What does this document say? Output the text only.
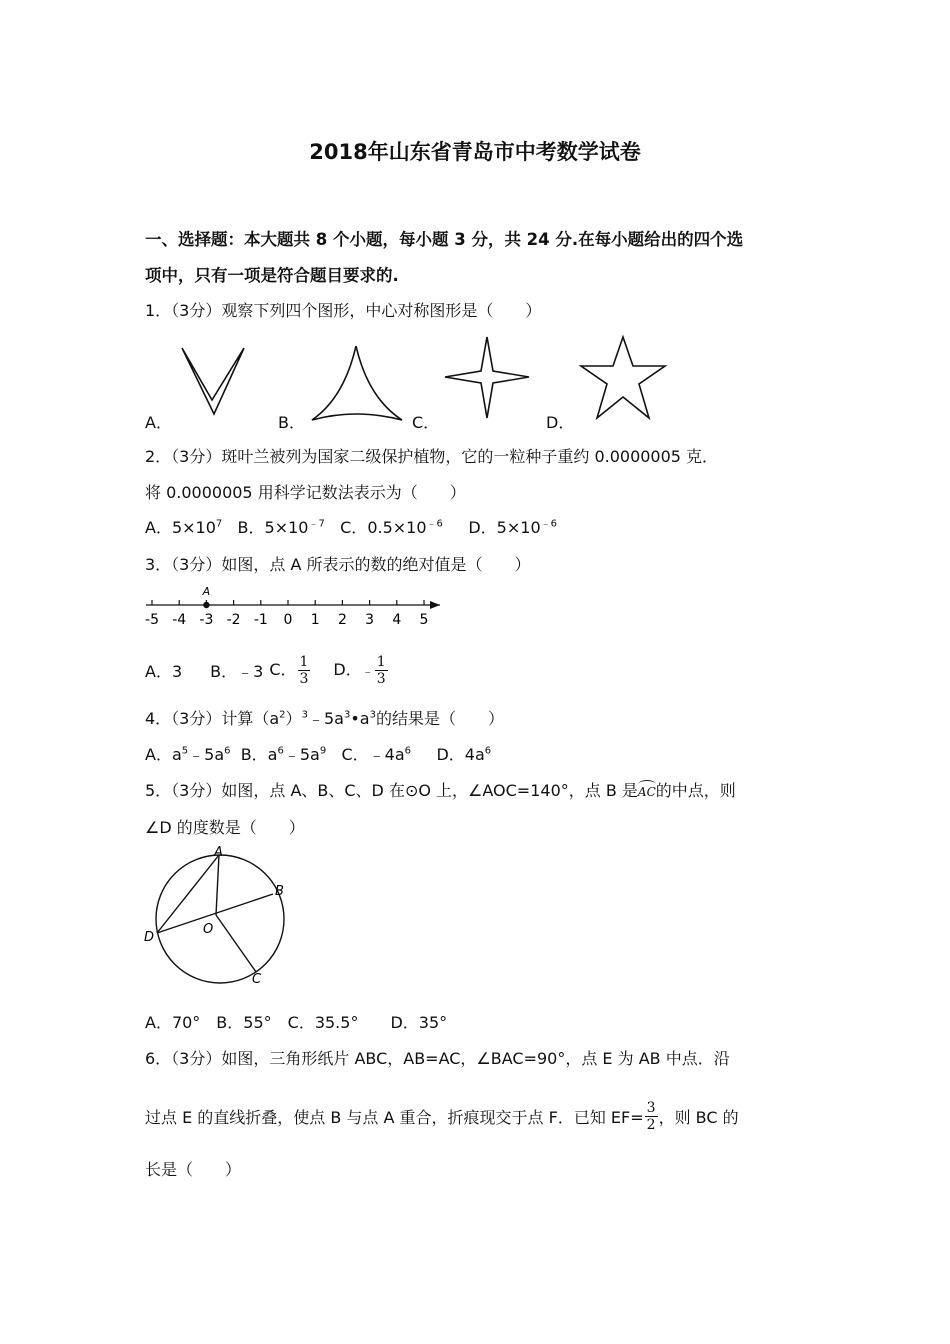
2018年山东省青岛市中考数学试卷
一、选择题：本大题共 8 个小题，每小题 3 分，共 24 分.在每小题给出的四个选
项中，只有一项是符合题目要求的.
1．（3分）观察下列四个图形，中心对称图形是（　　）
A．	B．	C．	D．
2．（3分）斑叶兰被列为国家二级保护植物，它的一粒种子重约 0.0000005 克．
将 0.0000005 用科学记数法表示为（　　）
A．$5\times 10^7$ B．$5\times 10^{﹣7}$ C．$0.5\times 10^{﹣6}$ D．$5\times 10^{﹣6}$
3．（3分）如图，点 A 所表示的数的绝对值是（　　）
-5 -4 -3 -2 -1 0 1 2 3 4 5
A
A．3 B．﹣3 C． $\frac{1}{3}$ D．﹣ $\frac{1}{3}$
4．（3分）计算$(a^2)^3﹣5a^3•a^3$的结果是（　　）
A．$a^5﹣5a^6$ B．$a^6﹣5a^9$ C．$﹣4a^6$ D．$4a^6$
5．（3分）如图，点 A、B、C、D 在⊙O 上，∠AOC=140°，点 B 是AC的中点，则
∠D 的度数是（　　）
A
B
O
D
C
A．70°　B．55°　C．35.5°　　D．35°
6．（3分）如图，三角形纸片 ABC，AB=AC，∠BAC=90°，点 E 为 AB 中点．沿
过点 E 的直线折叠，使点 B 与点 A 重合，折痕现交于点 F．已知 $EF= \frac{3}{2}$ ，则 BC 的
长是（　　）
